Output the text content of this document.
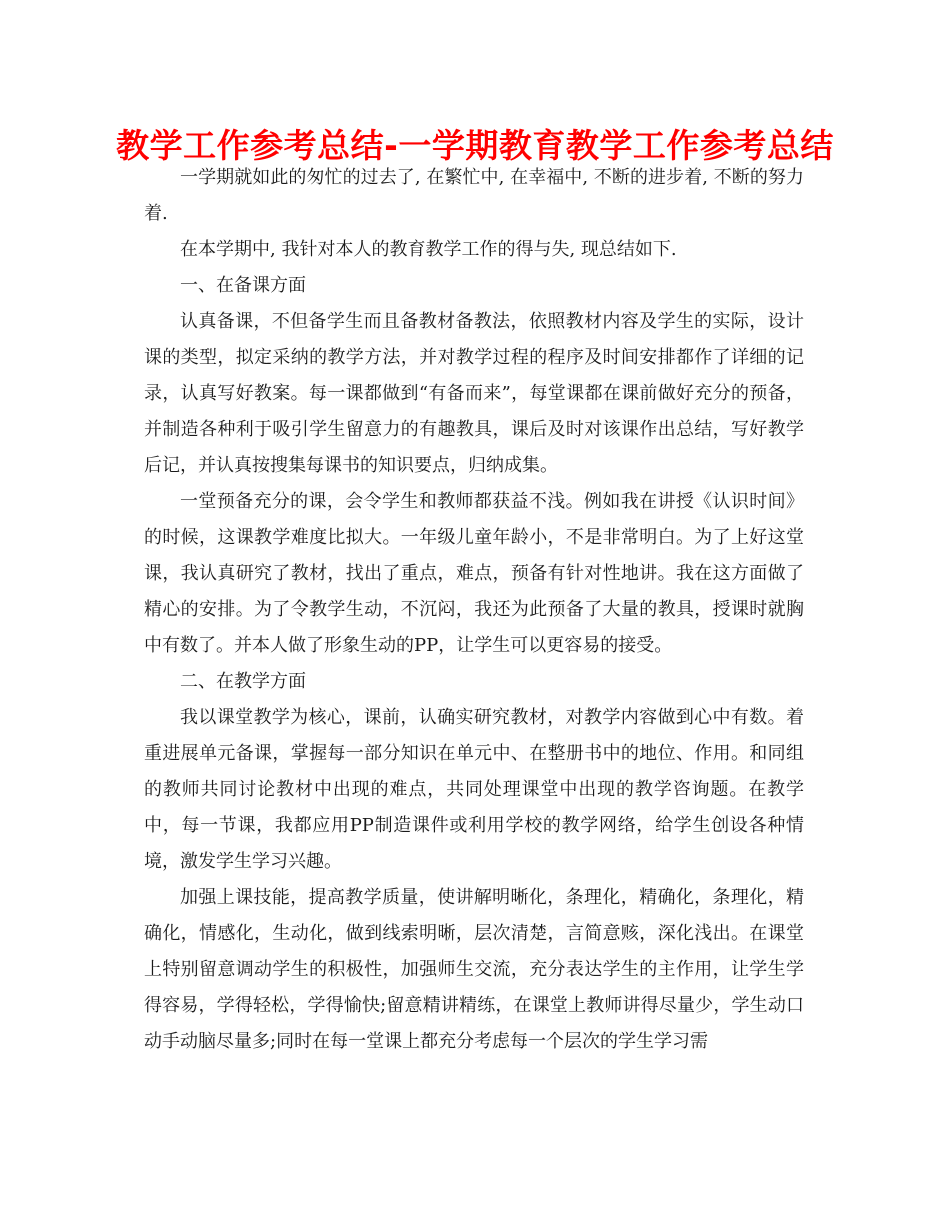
教学工作参考总结-一学期教育教学工作参考总结

一学期就如此的匆忙的过去了, 在繁忙中, 在幸福中, 不断的进步着, 不断的努力着.

在本学期中, 我针对本人的教育教学工作的得与失, 现总结如下.

一、在备课方面

认真备课，不但备学生而且备教材备教法，依照教材内容及学生的实际，设计课的类型，拟定采纳的教学方法，并对教学过程的程序及时间安排都作了详细的记录，认真写好教案。每一课都做到“有备而来”，每堂课都在课前做好充分的预备，并制造各种利于吸引学生留意力的有趣教具，课后及时对该课作出总结，写好教学后记，并认真按搜集每课书的知识要点，归纳成集。

一堂预备充分的课，会令学生和教师都获益不浅。例如我在讲授《认识时间》的时候，这课教学难度比拟大。一年级儿童年龄小，不是非常明白。为了上好这堂课，我认真研究了教材，找出了重点，难点，预备有针对性地讲。我在这方面做了精心的安排。为了令教学生动，不沉闷，我还为此预备了大量的教具，授课时就胸中有数了。并本人做了形象生动的PP，让学生可以更容易的接受。

二、在教学方面

我以课堂教学为核心，课前，认确实研究教材，对教学内容做到心中有数。着重进展单元备课，掌握每一部分知识在单元中、在整册书中的地位、作用。和同组的教师共同讨论教材中出现的难点，共同处理课堂中出现的教学咨询题。在教学中，每一节课，我都应用PP制造课件或利用学校的教学网络，给学生创设各种情境，激发学生学习兴趣。

加强上课技能，提高教学质量，使讲解明晰化，条理化，精确化，条理化，精确化，情感化，生动化，做到线索明晰，层次清楚，言简意赅，深化浅出。在课堂上特别留意调动学生的积极性，加强师生交流，充分表达学生的主作用，让学生学得容易，学得轻松，学得愉快;留意精讲精练，在课堂上教师讲得尽量少，学生动口动手动脑尽量多;同时在每一堂课上都充分考虑每一个层次的学生学习需
